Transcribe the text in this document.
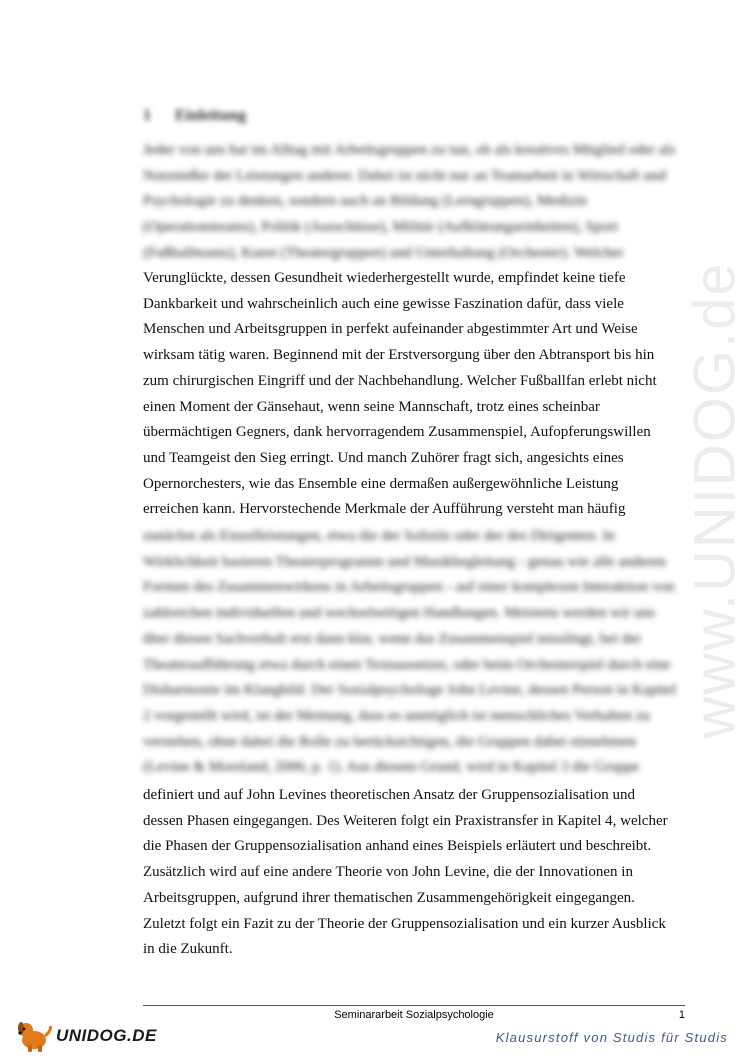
www.UNIDOG.de
1 Einleitung

Jeder von uns hat im Alltag mit Arbeitsgruppen zu tun, ob als kreatives Mitglied oder als
Nutznießer der Leistungen anderer. Dabei ist nicht nur an Teamarbeit in Wirtschaft und
Psychologie zu denken, sondern auch an Bildung (Lerngruppen), Medizin
(Operationsteams), Politik (Ausschüsse), Militär (Aufklärungseinheiten), Sport
(Fußballteams), Kunst (Theatergruppen) und Unterhaltung (Orchester). Welcher

Verunglückte, dessen Gesundheit wiederhergestellt wurde, empfindet keine tiefe
Dankbarkeit und wahrscheinlich auch eine gewisse Faszination dafür, dass viele
Menschen und Arbeitsgruppen in perfekt aufeinander abgestimmter Art und Weise
wirksam tätig waren. Beginnend mit der Erstversorgung über den Abtransport bis hin
zum chirurgischen Eingriff und der Nachbehandlung. Welcher Fußballfan erlebt nicht
einen Moment der Gänsehaut, wenn seine Mannschaft, trotz eines scheinbar
übermächtigen Gegners, dank hervorragendem Zusammenspiel, Aufopferungswillen
und Teamgeist den Sieg erringt. Und manch Zuhörer fragt sich, angesichts eines
Opernorchesters, wie das Ensemble eine dermaßen außergewöhnliche Leistung
erreichen kann. Hervorstechende Merkmale der Aufführung versteht man häufig

zunächst als Einzelleistungen, etwa die der Solistin oder der des Dirigenten. In
Wirklichkeit basieren Theaterprogramm und Musikbegleitung - genau wie alle anderen
Formen des Zusammenwirkens in Arbeitsgruppen - auf einer komplexen Interaktion von
zahlreichen individuellen und wechselseitigen Handlungen. Meistens werden wir uns
über diesen Sachverhalt erst dann klar, wenn das Zusammenspiel misslingt, bei der
Theateraufführung etwa durch einen Textaussetzer, oder beim Orchesterspiel durch eine
Disharmonie im Klangbild. Der Sozialpsychologe John Levine, dessen Person in Kapitel
2 vorgestellt wird, ist der Meinung, dass es unmöglich ist menschliches Verhalten zu
verstehen, ohne dabei die Rolle zu berücksichtigen, die Gruppen dabei einnehmen
(Levine & Moreland, 2006, p. 1). Aus diesem Grund, wird in Kapitel 3 die Gruppe

definiert und auf John Levines theoretischen Ansatz der Gruppensozialisation und
dessen Phasen eingegangen. Des Weiteren folgt ein Praxistransfer in Kapitel 4, welcher
die Phasen der Gruppensozialisation anhand eines Beispiels erläutert und beschreibt.
Zusätzlich wird auf eine andere Theorie von John Levine, die der Innovationen in
Arbeitsgruppen, aufgrund ihrer thematischen Zusammengehörigkeit eingegangen.
Zuletzt folgt ein Fazit zu der Theorie der Gruppensozialisation und ein kurzer Ausblick
in die Zukunft.

Seminararbeit Sozialpsychologie	1
UNIDOG.DE	Klausurstoff von Studis für Studis
